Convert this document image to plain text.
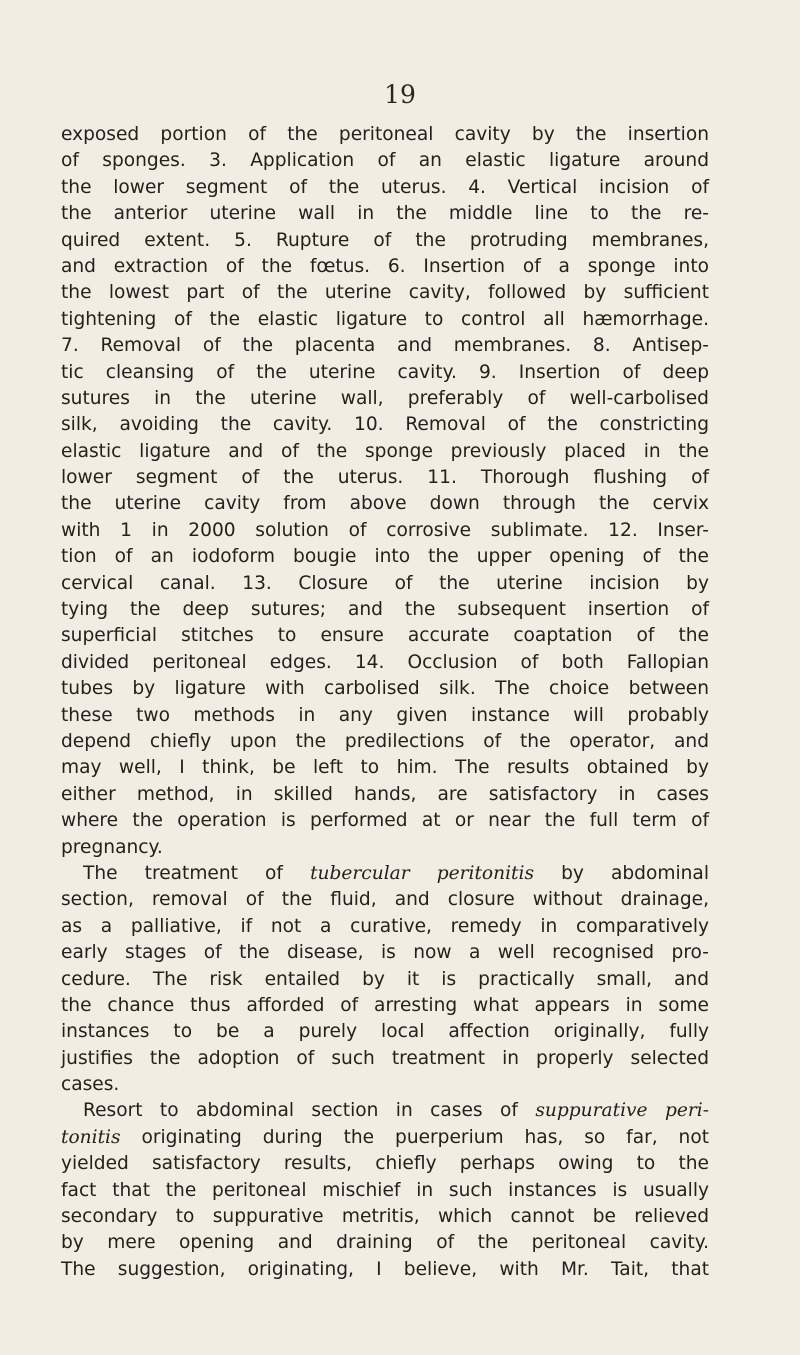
19
exposed portion of the peritoneal cavity by the insertion
of sponges. 3. Application of an elastic ligature around
the lower segment of the uterus. 4. Vertical incision of
the anterior uterine wall in the middle line to the re-
quired extent. 5. Rupture of the protruding membranes,
and extraction of the fœtus. 6. Insertion of a sponge into
the lowest part of the uterine cavity, followed by sufficient
tightening of the elastic ligature to control all hæmorrhage.
7. Removal of the placenta and membranes. 8. Antisep-
tic cleansing of the uterine cavity. 9. Insertion of deep
sutures in the uterine wall, preferably of well-carbolised
silk, avoiding the cavity. 10. Removal of the constricting
elastic ligature and of the sponge previously placed in the
lower segment of the uterus. 11. Thorough flushing of
the uterine cavity from above down through the cervix
with 1 in 2000 solution of corrosive sublimate. 12. Inser-
tion of an iodoform bougie into the upper opening of the
cervical canal. 13. Closure of the uterine incision by
tying the deep sutures; and the subsequent insertion of
superficial stitches to ensure accurate coaptation of the
divided peritoneal edges. 14. Occlusion of both Fallopian
tubes by ligature with carbolised silk. The choice between
these two methods in any given instance will probably
depend chiefly upon the predilections of the operator, and
may well, I think, be left to him. The results obtained by
either method, in skilled hands, are satisfactory in cases
where the operation is performed at or near the full term of
pregnancy.
The treatment of tubercular peritonitis by abdominal
section, removal of the fluid, and closure without drainage,
as a palliative, if not a curative, remedy in comparatively
early stages of the disease, is now a well recognised pro-
cedure. The risk entailed by it is practically small, and
the chance thus afforded of arresting what appears in some
instances to be a purely local affection originally, fully
justifies the adoption of such treatment in properly selected
cases.
Resort to abdominal section in cases of suppurative peri-
tonitis originating during the puerperium has, so far, not
yielded satisfactory results, chiefly perhaps owing to the
fact that the peritoneal mischief in such instances is usually
secondary to suppurative metritis, which cannot be relieved
by mere opening and draining of the peritoneal cavity.
The suggestion, originating, I believe, with Mr. Tait, that
